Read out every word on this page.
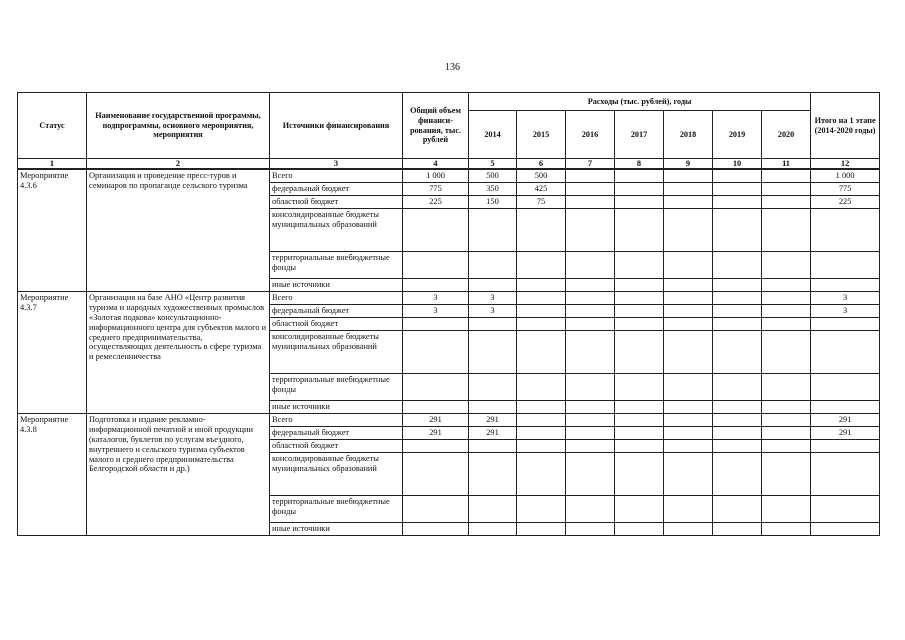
136
Статус	Наименование государственной программы, подпрограммы, основного мероприятия, мероприятия	Источники финансирования	Общий объем финанси-рования, тыс. рублей	Расходы (тыс. рублей), годы							Итого на 1 этапе (2014-2020 годы)
				2014	2015	2016	2017	2018	2019	2020	
1	2	3	4	5	6	7	8	9	10	11	12
Мероприятие 4.3.6	Организация и проведение пресс-туров и семинаров по пропаганде сельского туризма	Всего	1 000	500	500						1 000
		федеральный бюджет	775	350	425						775
		областной бюджет	225	150	75						225
		консолидированные бюджеты муниципальных образований									
		территориальные внебюджетные фонды									
		иные источники									
Мероприятие 4.3.7	Организация на базе АНО «Центр развития туризма и народных художественных промыслов «Золотая подкова» консультационно-информационного центра для субъектов малого и среднего предпринимательства, осуществляющих деятельность в сфере туризма и ремесленничества	Всего	3	3							3
		федеральный бюджет	3	3							3
		областной бюджет									
		консолидированные бюджеты муниципальных образований									
		территориальные внебюджетные фонды									
		иные источники									
Мероприятие 4.3.8	Подготовка и издание рекламно-информационной печатной и иной продукции (каталогов, буклетов по услугам въездного, внутреннего и сельского туризма субъектов малого и среднего предпринимательства Белгородской области и др.)	Всего	291	291							291
		федеральный бюджет	291	291							291
		областной бюджет									
		консолидированные бюджеты муниципальных образований									
		территориальные внебюджетные фонды									
		иные источники									
